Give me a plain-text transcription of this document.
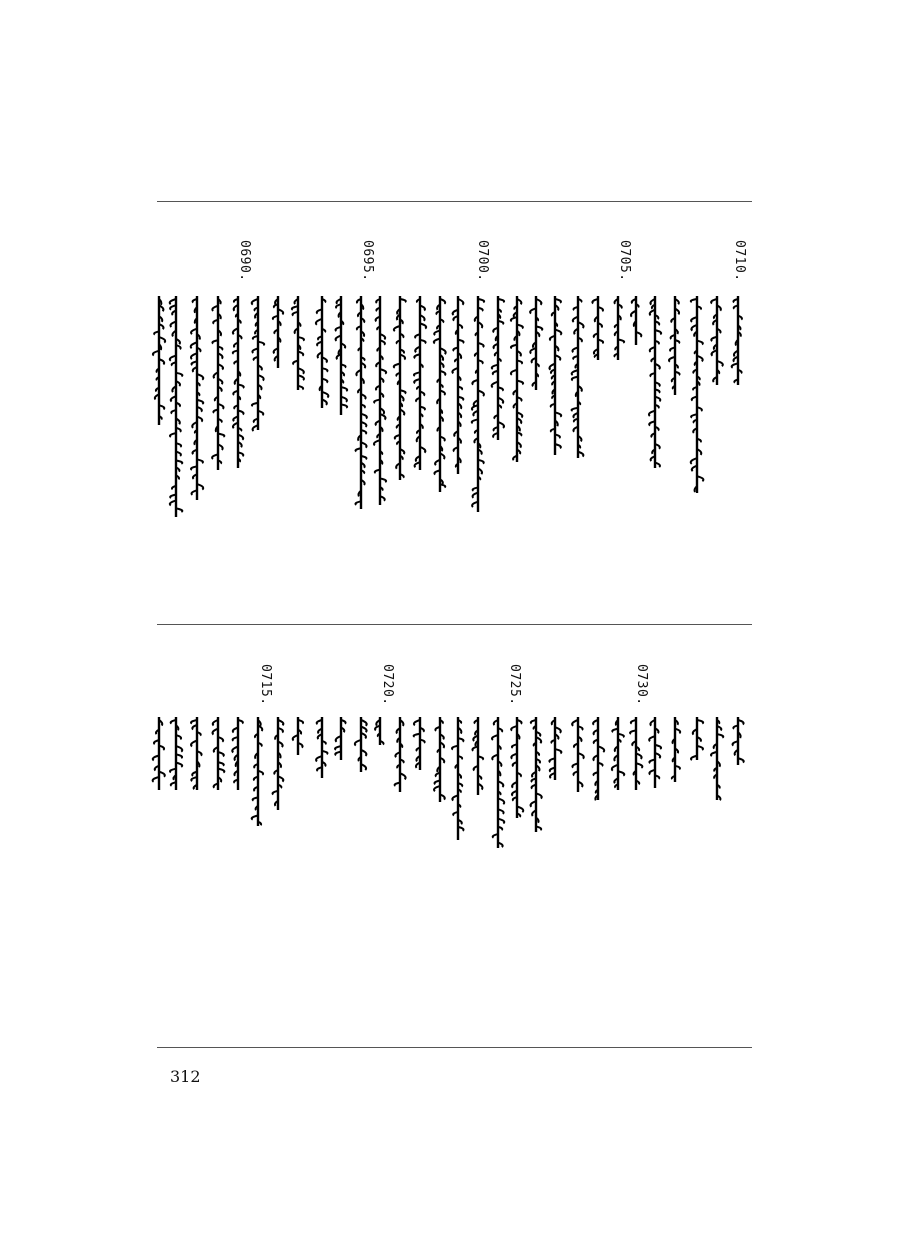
0710.
0705.
0700.
0695.
0690.
0730.
0725.
0720.
0715.
312
